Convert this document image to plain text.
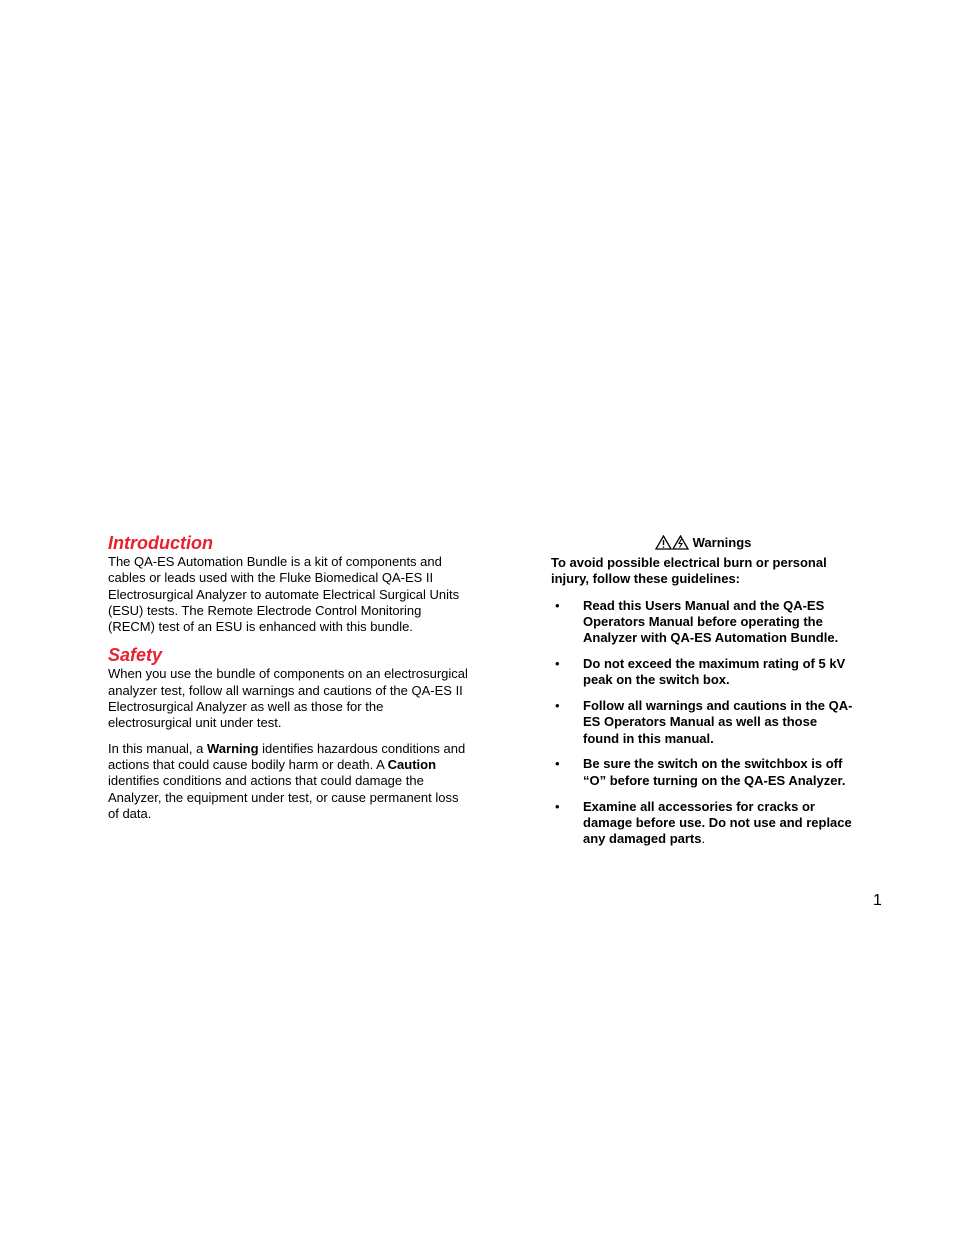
Introduction

The QA-ES Automation Bundle is a kit of components and cables or leads used with the Fluke Biomedical QA-ES II Electrosurgical Analyzer to automate Electrical Surgical Units (ESU) tests. The Remote Electrode Control Monitoring (RECM) test of an ESU is enhanced with this bundle.

Safety

When you use the bundle of components on an electrosurgical analyzer test, follow all warnings and cautions of the QA-ES II Electrosurgical Analyzer as well as those for the electrosurgical unit under test.

In this manual, a Warning identifies hazardous conditions and actions that could cause bodily harm or death. A Caution identifies conditions and actions that could damage the Analyzer, the equipment under test, or cause permanent loss of data.

Warnings
To avoid possible electrical burn or personal injury, follow these guidelines:
• Read this Users Manual and the QA-ES Operators Manual before operating the Analyzer with QA-ES Automation Bundle.
• Do not exceed the maximum rating of 5 kV peak on the switch box.
• Follow all warnings and cautions in the QA-ES Operators Manual as well as those found in this manual.
• Be sure the switch on the switchbox is off “O” before turning on the QA-ES Analyzer.
• Examine all accessories for cracks or damage before use. Do not use and replace any damaged parts.
1
